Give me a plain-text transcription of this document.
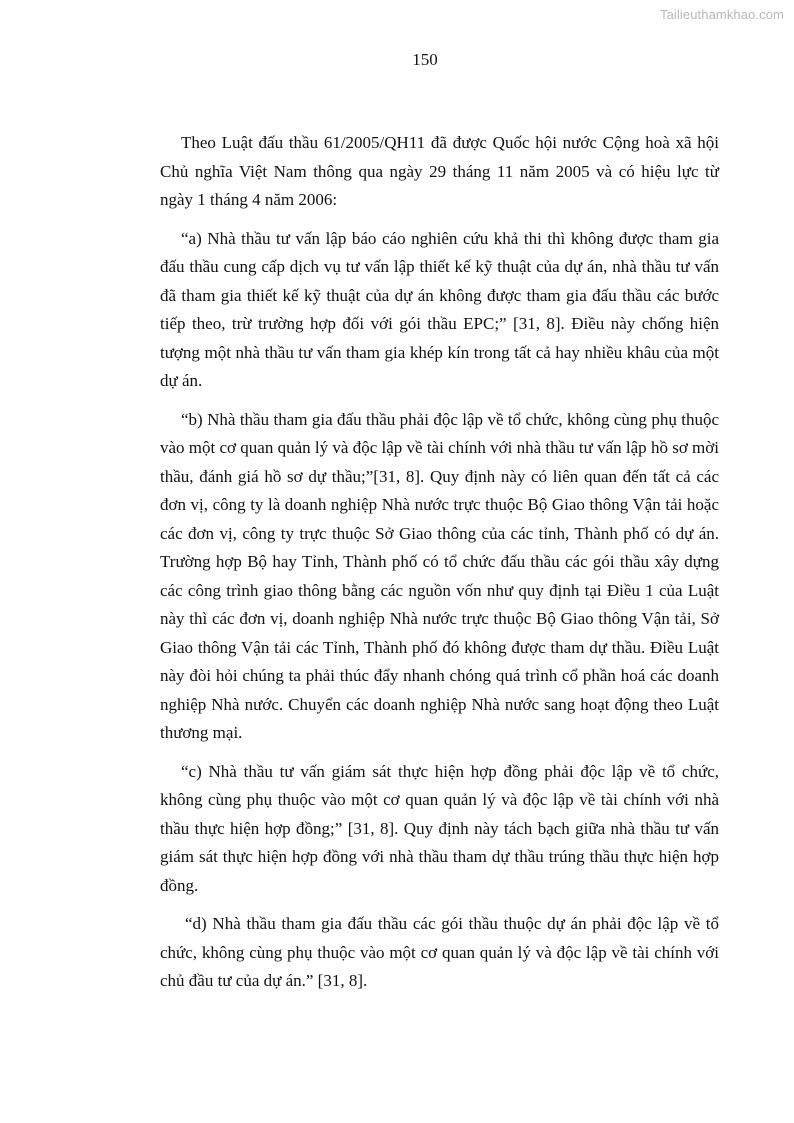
Tailieuthamkhao.com
150

Theo Luật đấu thầu 61/2005/QH11 đã được Quốc hội nước Cộng hoà xã hội Chủ nghĩa Việt Nam thông qua ngày 29 tháng 11 năm 2005 và có hiệu lực từ ngày 1 tháng 4 năm 2006:

“a) Nhà thầu tư vấn lập báo cáo nghiên cứu khả thi thì không được tham gia đấu thầu cung cấp dịch vụ tư vấn lập thiết kế kỹ thuật của dự án, nhà thầu tư vấn đã tham gia thiết kế kỹ thuật của dự án không được tham gia đấu thầu các bước tiếp theo, trừ trường hợp đối với gói thầu EPC;” [31, 8]. Điều này chống hiện tượng một nhà thầu tư vấn tham gia khép kín trong tất cả hay nhiều khâu của một dự án.

“b) Nhà thầu tham gia đấu thầu phải độc lập về tổ chức, không cùng phụ thuộc vào một cơ quan quản lý và độc lập về tài chính với nhà thầu tư vấn lập hồ sơ mời thầu, đánh giá hồ sơ dự thầu;”[31, 8]. Quy định này có liên quan đến tất cả các đơn vị, công ty là doanh nghiệp Nhà nước trực thuộc Bộ Giao thông Vận tải hoặc các đơn vị, công ty trực thuộc Sở Giao thông của các tỉnh, Thành phố có dự án. Trường hợp Bộ hay Tỉnh, Thành phố có tổ chức đấu thầu các gói thầu xây dựng các công trình giao thông bằng các nguồn vốn như quy định tại Điều 1 của Luật này thì các đơn vị, doanh nghiệp Nhà nước trực thuộc Bộ Giao thông Vận tải, Sở Giao thông Vận tải các Tỉnh, Thành phố đó không được tham dự thầu. Điều Luật này đòi hỏi chúng ta phải thúc đẩy nhanh chóng quá trình cổ phần hoá các doanh nghiệp Nhà nước. Chuyển các doanh nghiệp Nhà nước sang hoạt động theo Luật thương mại.

“c) Nhà thầu tư vấn giám sát thực hiện hợp đồng phải độc lập về tổ chức, không cùng phụ thuộc vào một cơ quan quản lý và độc lập về tài chính với nhà thầu thực hiện hợp đồng;” [31, 8]. Quy định này tách bạch giữa nhà thầu tư vấn giám sát thực hiện hợp đồng với nhà thầu tham dự thầu trúng thầu thực hiện hợp đồng.

“d) Nhà thầu tham gia đấu thầu các gói thầu thuộc dự án phải độc lập về tổ chức, không cùng phụ thuộc vào một cơ quan quản lý và độc lập về tài chính với chủ đầu tư của dự án.” [31, 8].
